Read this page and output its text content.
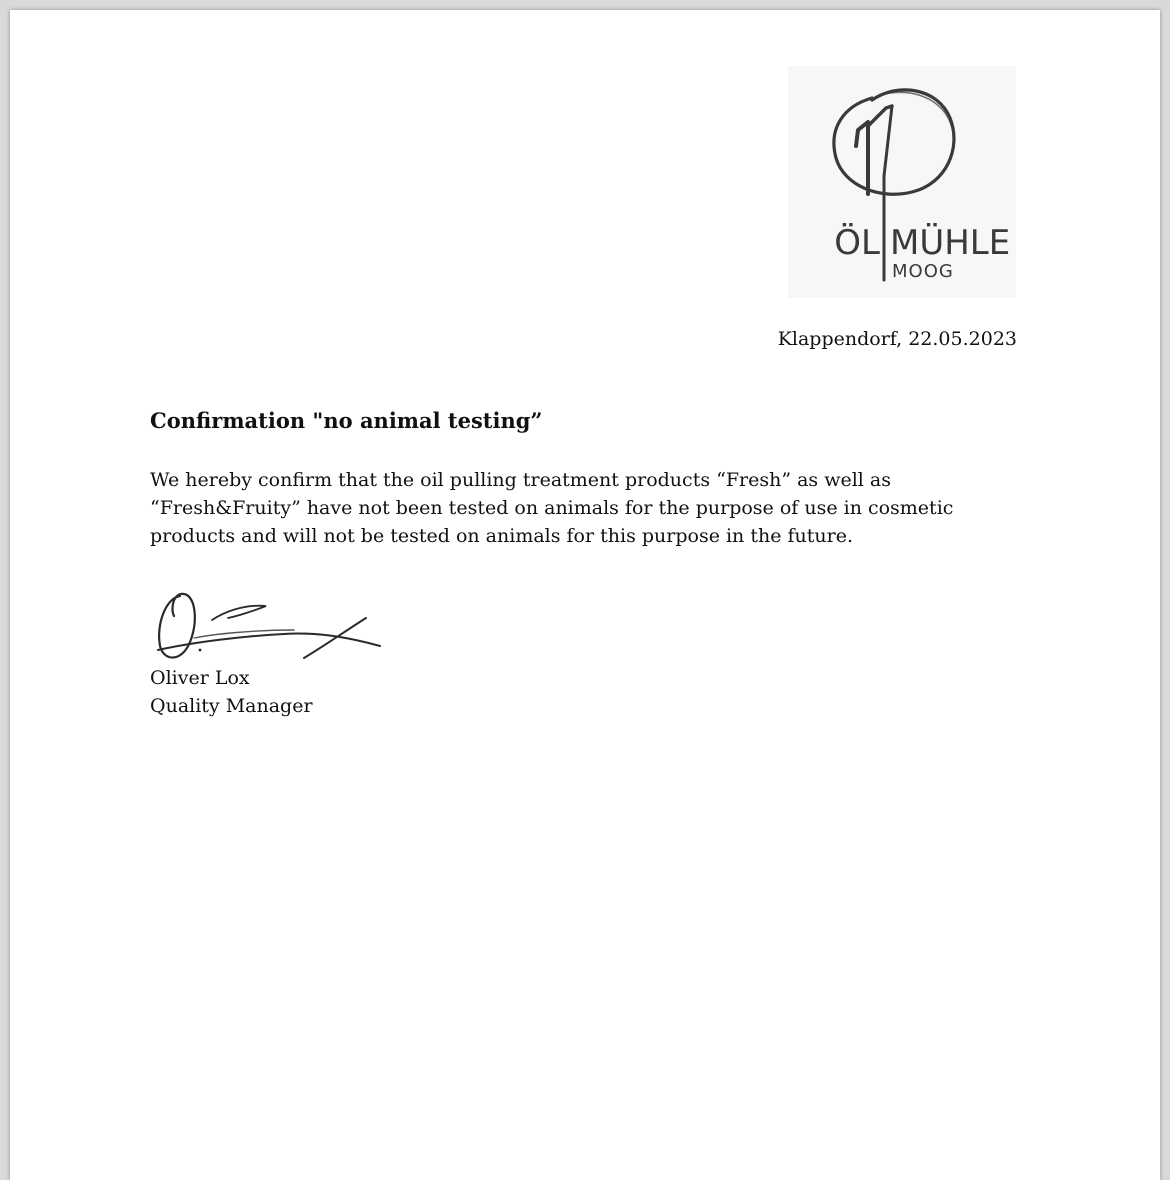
ÖL MÜHLE
MOOG
Klappendorf, 22.05.2023
Confirmation "no animal testing”

We hereby confirm that the oil pulling treatment products “Fresh” as well as “Fresh&Fruity” have not been tested on animals for the purpose of use in cosmetic products and will not be tested on animals for this purpose in the future.

Oliver Lox
Quality Manager
